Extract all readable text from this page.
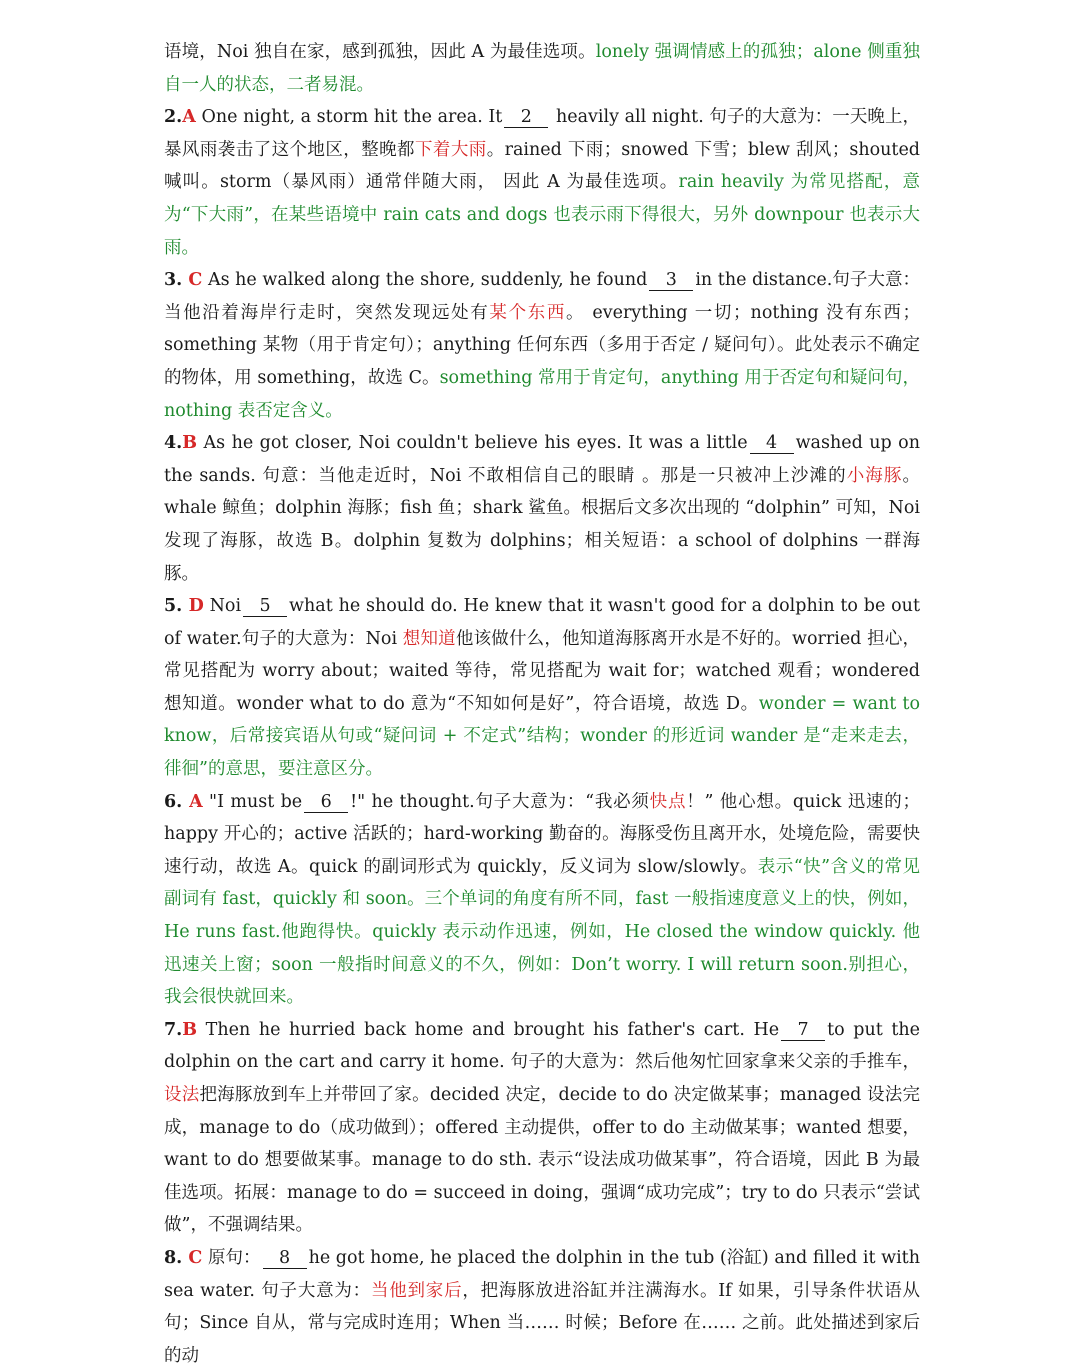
语境，Noi 独自在家，感到孤独，因此 A 为最佳选项。lonely 强调情感上的孤独；alone 侧重独自一人的状态，二者易混。

2.A One night, a storm hit the area. It 2 heavily all night. 句子的大意为：一天晚上，暴风雨袭击了这个地区，整晚都下着大雨。rained 下雨；snowed 下雪；blew 刮风；shouted 喊叫。storm（暴风雨）通常伴随大雨， 因此 A 为最佳选项。rain heavily 为常见搭配，意为“下大雨”，在某些语境中 rain cats and dogs 也表示雨下得很大，另外 downpour 也表示大雨。

3. C As he walked along the shore, suddenly, he found 3 in the distance.句子大意：当他沿着海岸行走时，突然发现远处有某个东西。 everything 一切；nothing 没有东西；something 某物（用于肯定句）；anything 任何东西（多用于否定 / 疑问句）。此处表示不确定的物体，用 something，故选 C。something 常用于肯定句，anything 用于否定句和疑问句，nothing 表否定含义。

4.B As he got closer, Noi couldn't believe his eyes. It was a little 4 washed up on the sands. 句意：当他走近时，Noi 不敢相信自己的眼睛 。那是一只被冲上沙滩的小海豚。whale 鲸鱼；dolphin 海豚；fish 鱼；shark 鲨鱼。根据后文多次出现的 “dolphin” 可知，Noi 发现了海豚，故选 B。dolphin 复数为 dolphins；相关短语：a school of dolphins 一群海豚。

5. D Noi 5 what he should do. He knew that it wasn't good for a dolphin to be out of water.句子的大意为：Noi 想知道他该做什么，他知道海豚离开水是不好的。worried 担心，常见搭配为 worry about；waited 等待，常见搭配为 wait for；watched 观看；wondered 想知道。wonder what to do 意为“不知如何是好”，符合语境，故选 D。wonder = want to know，后常接宾语从句或“疑问词 + 不定式”结构；wonder 的形近词 wander 是“走来走去，徘徊”的意思，要注意区分。

6. A "I must be 6 !" he thought.句子大意为：“我必须快点！” 他心想。quick 迅速的；happy 开心的；active 活跃的；hard-working 勤奋的。海豚受伤且离开水，处境危险，需要快速行动，故选 A。quick 的副词形式为 quickly，反义词为 slow/slowly。表示“快”含义的常见副词有 fast，quickly 和 soon。三个单词的角度有所不同，fast 一般指速度意义上的快，例如，He runs fast.他跑得快。quickly 表示动作迅速，例如，He closed the window quickly. 他迅速关上窗；soon 一般指时间意义的不久，例如：Don’t worry. I will return soon.别担心，我会很快就回来。

7.B Then he hurried back home and brought his father's cart. He 7 to put the dolphin on the cart and carry it home. 句子的大意为：然后他匆忙回家拿来父亲的手推车，设法把海豚放到车上并带回了家。decided 决定，decide to do 决定做某事；managed 设法完成，manage to do（成功做到）；offered 主动提供，offer to do 主动做某事；wanted 想要，want to do 想要做某事。manage to do sth. 表示“设法成功做某事”，符合语境，因此 B 为最佳选项。拓展：manage to do = succeed in doing，强调“成功完成”；try to do 只表示“尝试做”，不强调结果。

8. C 原句： 8 he got home, he placed the dolphin in the tub (浴缸) and filled it with sea water. 句子大意为：当他到家后，把海豚放进浴缸并注满海水。If 如果，引导条件状语从句；Since 自从，常与完成时连用；When 当…… 时候；Before 在…… 之前。此处描述到家后的动
